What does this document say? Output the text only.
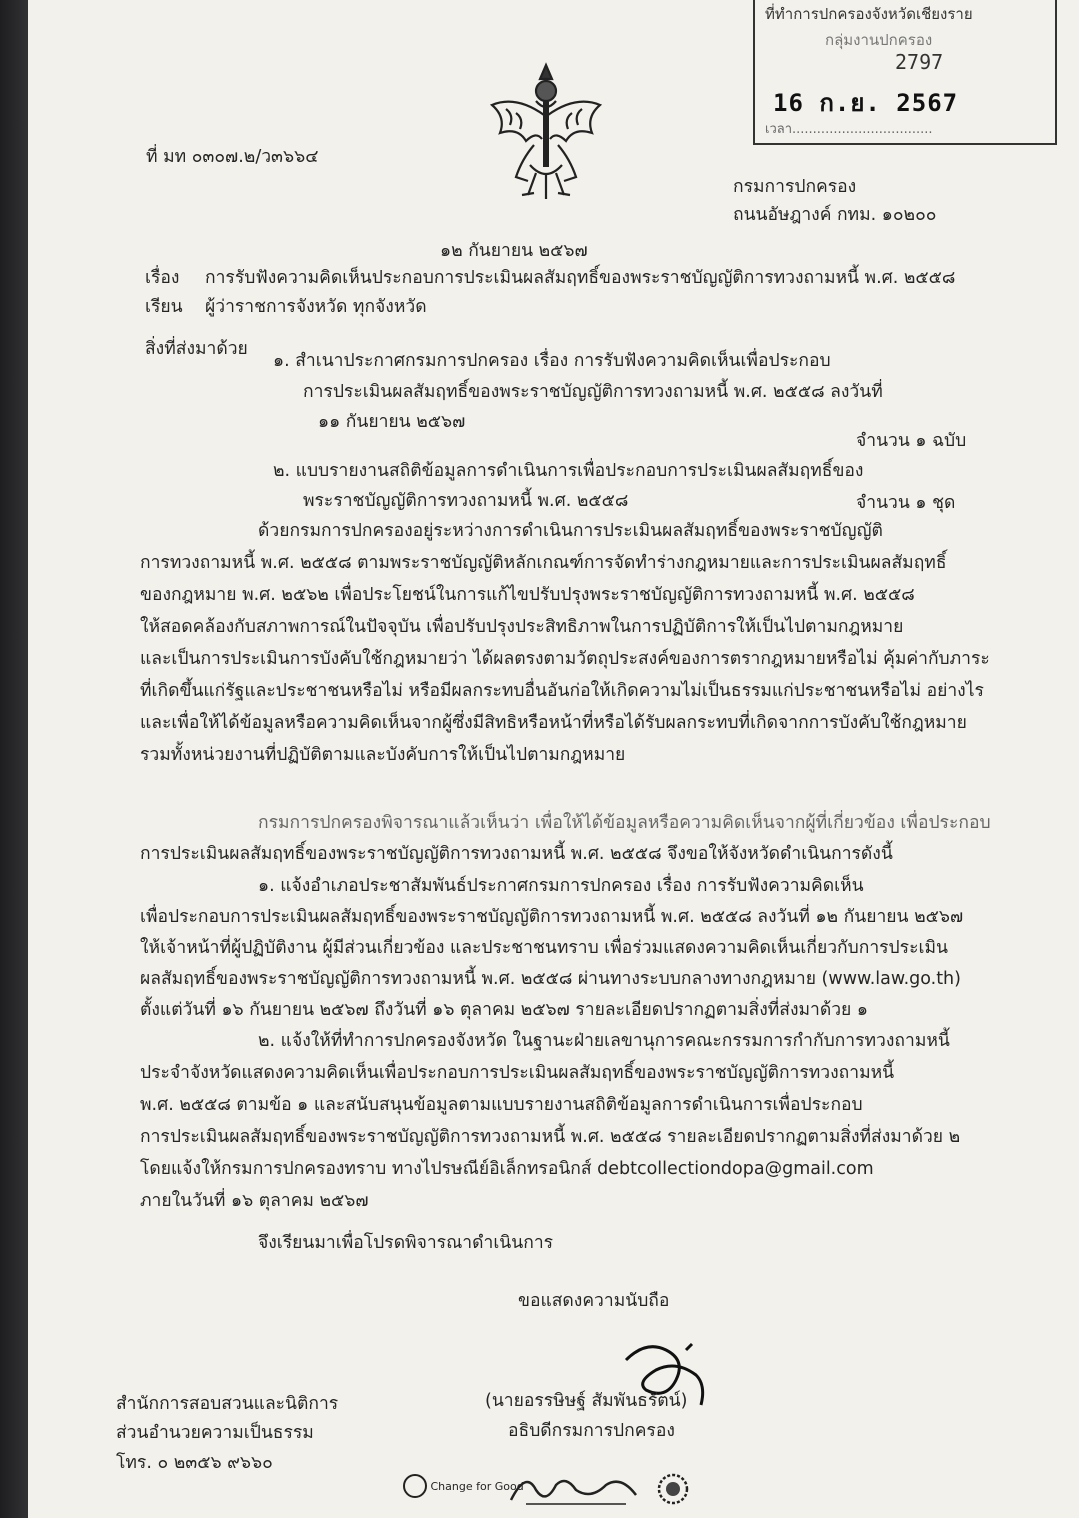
ที่ทำการปกครองจังหวัดเชียงราย
กลุ่มงานปกครอง
2797
16 ก.ย. 2567
เวลา..................................
ที่ มท ๐๓๐๗.๒/ว๓๖๖๔
กรมการปกครอง
ถนนอัษฎางค์ กทม. ๑๐๒๐๐
๑๒ กันยายน ๒๕๖๗
เรื่อง การรับฟังความคิดเห็นประกอบการประเมินผลสัมฤทธิ์ของพระราชบัญญัติการทวงถามหนี้ พ.ศ. ๒๕๕๘
เรียน ผู้ว่าราชการจังหวัด ทุกจังหวัด
สิ่งที่ส่งมาด้วย
๑. สำเนาประกาศกรมการปกครอง เรื่อง การรับฟังความคิดเห็นเพื่อประกอบ
การประเมินผลสัมฤทธิ์ของพระราชบัญญัติการทวงถามหนี้ พ.ศ. ๒๕๕๘ ลงวันที่
๑๑ กันยายน ๒๕๖๗
จำนวน ๑ ฉบับ
๒. แบบรายงานสถิติข้อมูลการดำเนินการเพื่อประกอบการประเมินผลสัมฤทธิ์ของ
พระราชบัญญัติการทวงถามหนี้ พ.ศ. ๒๕๕๘	จำนวน ๑ ชุด
ด้วยกรมการปกครองอยู่ระหว่างการดำเนินการประเมินผลสัมฤทธิ์ของพระราชบัญญัติ
การทวงถามหนี้ พ.ศ. ๒๕๕๘ ตามพระราชบัญญัติหลักเกณฑ์การจัดทำร่างกฎหมายและการประเมินผลสัมฤทธิ์
ของกฎหมาย พ.ศ. ๒๕๖๒ เพื่อประโยชน์ในการแก้ไขปรับปรุงพระราชบัญญัติการทวงถามหนี้ พ.ศ. ๒๕๕๘
ให้สอดคล้องกับสภาพการณ์ในปัจจุบัน เพื่อปรับปรุงประสิทธิภาพในการปฏิบัติการให้เป็นไปตามกฎหมาย
และเป็นการประเมินการบังคับใช้กฎหมายว่า ได้ผลตรงตามวัตถุประสงค์ของการตรากฎหมายหรือไม่ คุ้มค่ากับภาระ
ที่เกิดขึ้นแก่รัฐและประชาชนหรือไม่ หรือมีผลกระทบอื่นอันก่อให้เกิดความไม่เป็นธรรมแก่ประชาชนหรือไม่ อย่างไร
และเพื่อให้ได้ข้อมูลหรือความคิดเห็นจากผู้ซึ่งมีสิทธิหรือหน้าที่หรือได้รับผลกระทบที่เกิดจากการบังคับใช้กฎหมาย
รวมทั้งหน่วยงานที่ปฏิบัติตามและบังคับการให้เป็นไปตามกฎหมาย
กรมการปกครองพิจารณาแล้วเห็นว่า เพื่อให้ได้ข้อมูลหรือความคิดเห็นจากผู้ที่เกี่ยวข้อง เพื่อประกอบ
การประเมินผลสัมฤทธิ์ของพระราชบัญญัติการทวงถามหนี้ พ.ศ. ๒๕๕๘ จึงขอให้จังหวัดดำเนินการดังนี้
๑. แจ้งอำเภอประชาสัมพันธ์ประกาศกรมการปกครอง เรื่อง การรับฟังความคิดเห็น
เพื่อประกอบการประเมินผลสัมฤทธิ์ของพระราชบัญญัติการทวงถามหนี้ พ.ศ. ๒๕๕๘ ลงวันที่ ๑๒ กันยายน ๒๕๖๗
ให้เจ้าหน้าที่ผู้ปฏิบัติงาน ผู้มีส่วนเกี่ยวข้อง และประชาชนทราบ เพื่อร่วมแสดงความคิดเห็นเกี่ยวกับการประเมิน
ผลสัมฤทธิ์ของพระราชบัญญัติการทวงถามหนี้ พ.ศ. ๒๕๕๘ ผ่านทางระบบกลางทางกฎหมาย (www.law.go.th)
ตั้งแต่วันที่ ๑๖ กันยายน ๒๕๖๗ ถึงวันที่ ๑๖ ตุลาคม ๒๕๖๗ รายละเอียดปรากฏตามสิ่งที่ส่งมาด้วย ๑
๒. แจ้งให้ที่ทำการปกครองจังหวัด ในฐานะฝ่ายเลขานุการคณะกรรมการกำกับการทวงถามหนี้
ประจำจังหวัดแสดงความคิดเห็นเพื่อประกอบการประเมินผลสัมฤทธิ์ของพระราชบัญญัติการทวงถามหนี้
พ.ศ. ๒๕๕๘ ตามข้อ ๑ และสนับสนุนข้อมูลตามแบบรายงานสถิติข้อมูลการดำเนินการเพื่อประกอบ
การประเมินผลสัมฤทธิ์ของพระราชบัญญัติการทวงถามหนี้ พ.ศ. ๒๕๕๘ รายละเอียดปรากฏตามสิ่งที่ส่งมาด้วย ๒
โดยแจ้งให้กรมการปกครองทราบ ทางไปรษณีย์อิเล็กทรอนิกส์ debtcollectiondopa@gmail.com
ภายในวันที่ ๑๖ ตุลาคม ๒๕๖๗
จึงเรียนมาเพื่อโปรดพิจารณาดำเนินการ
ขอแสดงความนับถือ
(นายอรรษิษฐ์ สัมพันธรัตน์)
อธิบดีกรมการปกครอง
สำนักการสอบสวนและนิติการ
ส่วนอำนวยความเป็นธรรม
โทร. ๐ ๒๓๕๖ ๙๖๖๐
Change for Good
